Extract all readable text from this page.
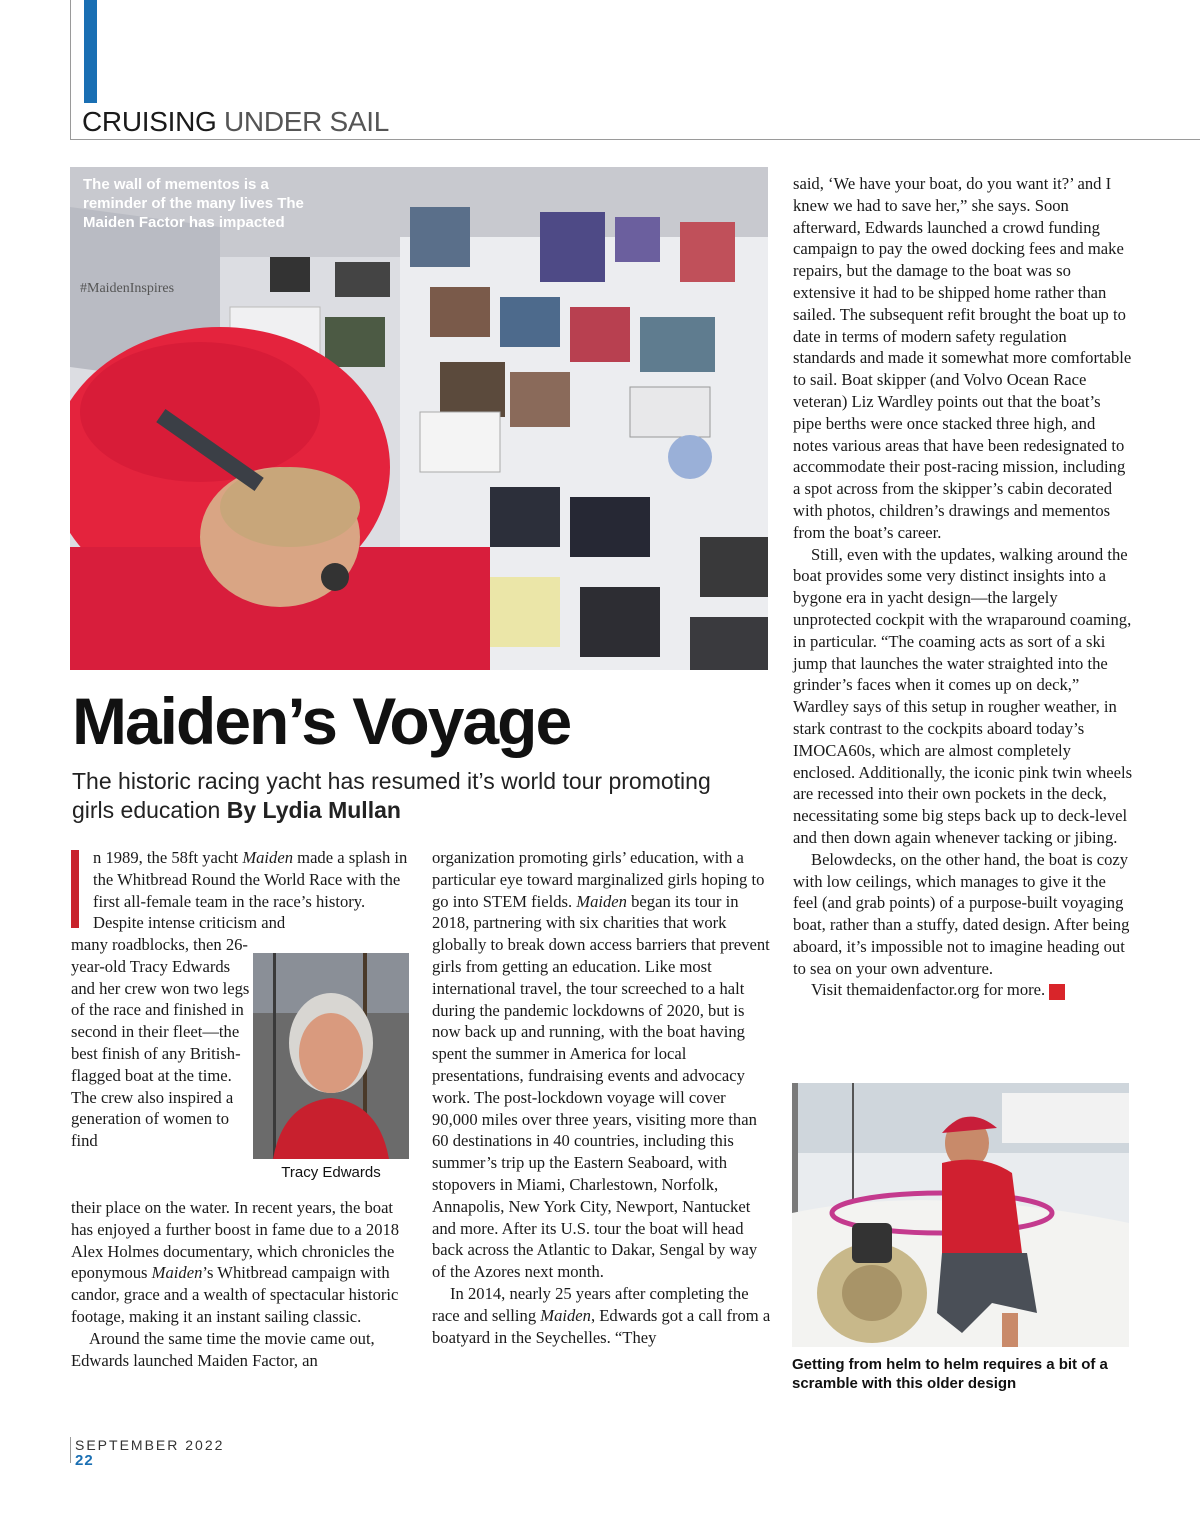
CRUISING UNDER SAIL
#MaidenInspires
The wall of mementos is a reminder of the many lives The Maiden Factor has impacted
Maiden’s Voyage
The historic racing yacht has resumed it’s world tour promoting girls education By Lydia Mullan
n 1989, the 58ft yacht Maiden made a splash in the Whitbread Round the World Race with the first all-female team in the race’s history. Despite intense criticism and
many roadblocks, then 26-year-old Tracy Edwards and her crew won two legs of the race and finished in second in their fleet—the best finish of any British-flagged boat at the time. The crew also inspired a generation of women to find
Tracy Edwards

their place on the water. In recent years, the boat has enjoyed a further boost in fame due to a 2018 Alex Holmes documentary, which chronicles the eponymous Maiden’s Whitbread campaign with candor, grace and a wealth of spectacular historic footage, making it an instant sailing classic.

Around the same time the movie came out, Edwards launched Maiden Factor, an

organization promoting girls’ education, with a particular eye toward marginalized girls hoping to go into STEM fields. Maiden began its tour in 2018, partnering with six charities that work globally to break down access barriers that prevent girls from getting an education. Like most international travel, the tour screeched to a halt during the pandemic lockdowns of 2020, but is now back up and running, with the boat having spent the summer in America for local presentations, fundraising events and advocacy work. The post-lockdown voyage will cover 90,000 miles over three years, visiting more than 60 destinations in 40 countries, including this summer’s trip up the Eastern Seaboard, with stopovers in Miami, Charlestown, Norfolk, Annapolis, New York City, Newport, Nantucket and more. After its U.S. tour the boat will head back across the Atlantic to Dakar, Sengal by way of the Azores next month.

In 2014, nearly 25 years after completing the race and selling Maiden, Edwards got a call from a boatyard in the Seychelles. “They

said, ‘We have your boat, do you want it?’ and I knew we had to save her,” she says. Soon afterward, Edwards launched a crowd funding campaign to pay the owed docking fees and make repairs, but the damage to the boat was so extensive it had to be shipped home rather than sailed. The subsequent refit brought the boat up to date in terms of modern safety regulation standards and made it somewhat more comfortable to sail. Boat skipper (and Volvo Ocean Race veteran) Liz Wardley points out that the boat’s pipe berths were once stacked three high, and notes various areas that have been redesignated to accommodate their post-racing mission, including a spot across from the skipper’s cabin decorated with photos, children’s drawings and mementos from the boat’s career.

Still, even with the updates, walking around the boat provides some very distinct insights into a bygone era in yacht design—the largely unprotected cockpit with the wraparound coaming, in particular. “The coaming acts as sort of a ski jump that launches the water straighted into the grinder’s faces when it comes up on deck,” Wardley says of this setup in rougher weather, in stark contrast to the cockpits aboard today’s IMOCA60s, which are almost completely enclosed. Additionally, the iconic pink twin wheels are recessed into their own pockets in the deck, necessitating some big steps back up to deck-level and then down again whenever tacking or jibing.

Belowdecks, on the other hand, the boat is cozy with low ceilings, which manages to give it the feel (and grab points) of a purpose-built voyaging boat, rather than a stuffy, dated design. After being aboard, it’s impossible not to imagine heading out to sea on your own adventure.

Visit themaidenfactor.org for more. S

Getting from helm to helm requires a bit of a scramble with this older design
SEPTEMBER 2022
22
